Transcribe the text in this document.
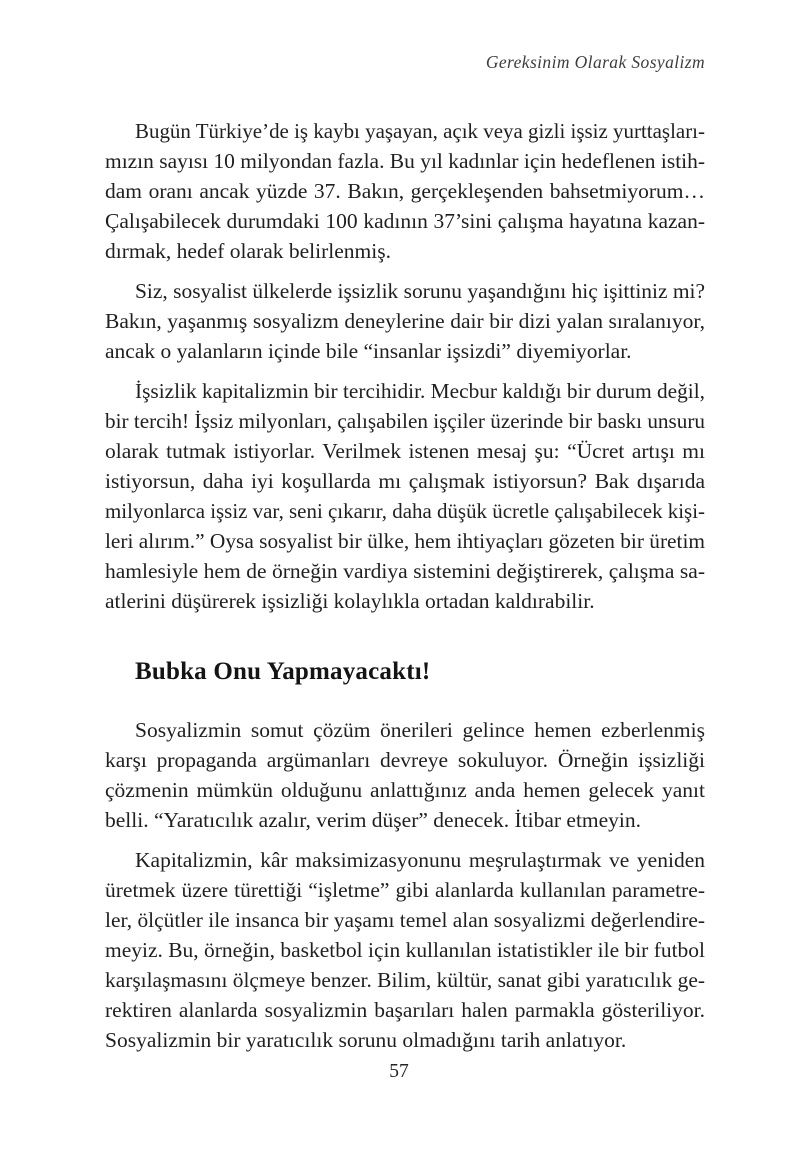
Gereksinim Olarak Sosyalizm
Bugün Türkiye’de iş kaybı yaşayan, açık veya gizli işsiz yurttaşları-
mızın sayısı 10 milyondan fazla. Bu yıl kadınlar için hedeflenen istih-
dam oranı ancak yüzde 37. Bakın, gerçekleşenden bahsetmiyorum…
Çalışabilecek durumdaki 100 kadının 37’sini çalışma hayatına kazan-
dırmak, hedef olarak belirlenmiş.
Siz, sosyalist ülkelerde işsizlik sorunu yaşandığını hiç işittiniz mi?
Bakın, yaşanmış sosyalizm deneylerine dair bir dizi yalan sıralanıyor,
ancak o yalanların içinde bile “insanlar işsizdi” diyemiyorlar.
İşsizlik kapitalizmin bir tercihidir. Mecbur kaldığı bir durum değil,
bir tercih! İşsiz milyonları, çalışabilen işçiler üzerinde bir baskı unsuru
olarak tutmak istiyorlar. Verilmek istenen mesaj şu: “Ücret artışı mı
istiyorsun, daha iyi koşullarda mı çalışmak istiyorsun? Bak dışarıda
milyonlarca işsiz var, seni çıkarır, daha düşük ücretle çalışabilecek kişi-
leri alırım.” Oysa sosyalist bir ülke, hem ihtiyaçları gözeten bir üretim
hamlesiyle hem de örneğin vardiya sistemini değiştirerek, çalışma sa-
atlerini düşürerek işsizliği kolaylıkla ortadan kaldırabilir.
Bubka Onu Yapmayacaktı!
Sosyalizmin somut çözüm önerileri gelince hemen ezberlenmiş
karşı propaganda argümanları devreye sokuluyor. Örneğin işsizliği
çözmenin mümkün olduğunu anlattığınız anda hemen gelecek yanıt
belli. “Yaratıcılık azalır, verim düşer” denecek. İtibar etmeyin.
Kapitalizmin, kâr maksimizasyonunu meşrulaştırmak ve yeniden
üretmek üzere türettiği “işletme” gibi alanlarda kullanılan parametre-
ler, ölçütler ile insanca bir yaşamı temel alan sosyalizmi değerlendire-
meyiz. Bu, örneğin, basketbol için kullanılan istatistikler ile bir futbol
karşılaşmasını ölçmeye benzer. Bilim, kültür, sanat gibi yaratıcılık ge-
rektiren alanlarda sosyalizmin başarıları halen parmakla gösteriliyor.
Sosyalizmin bir yaratıcılık sorunu olmadığını tarih anlatıyor.
57
